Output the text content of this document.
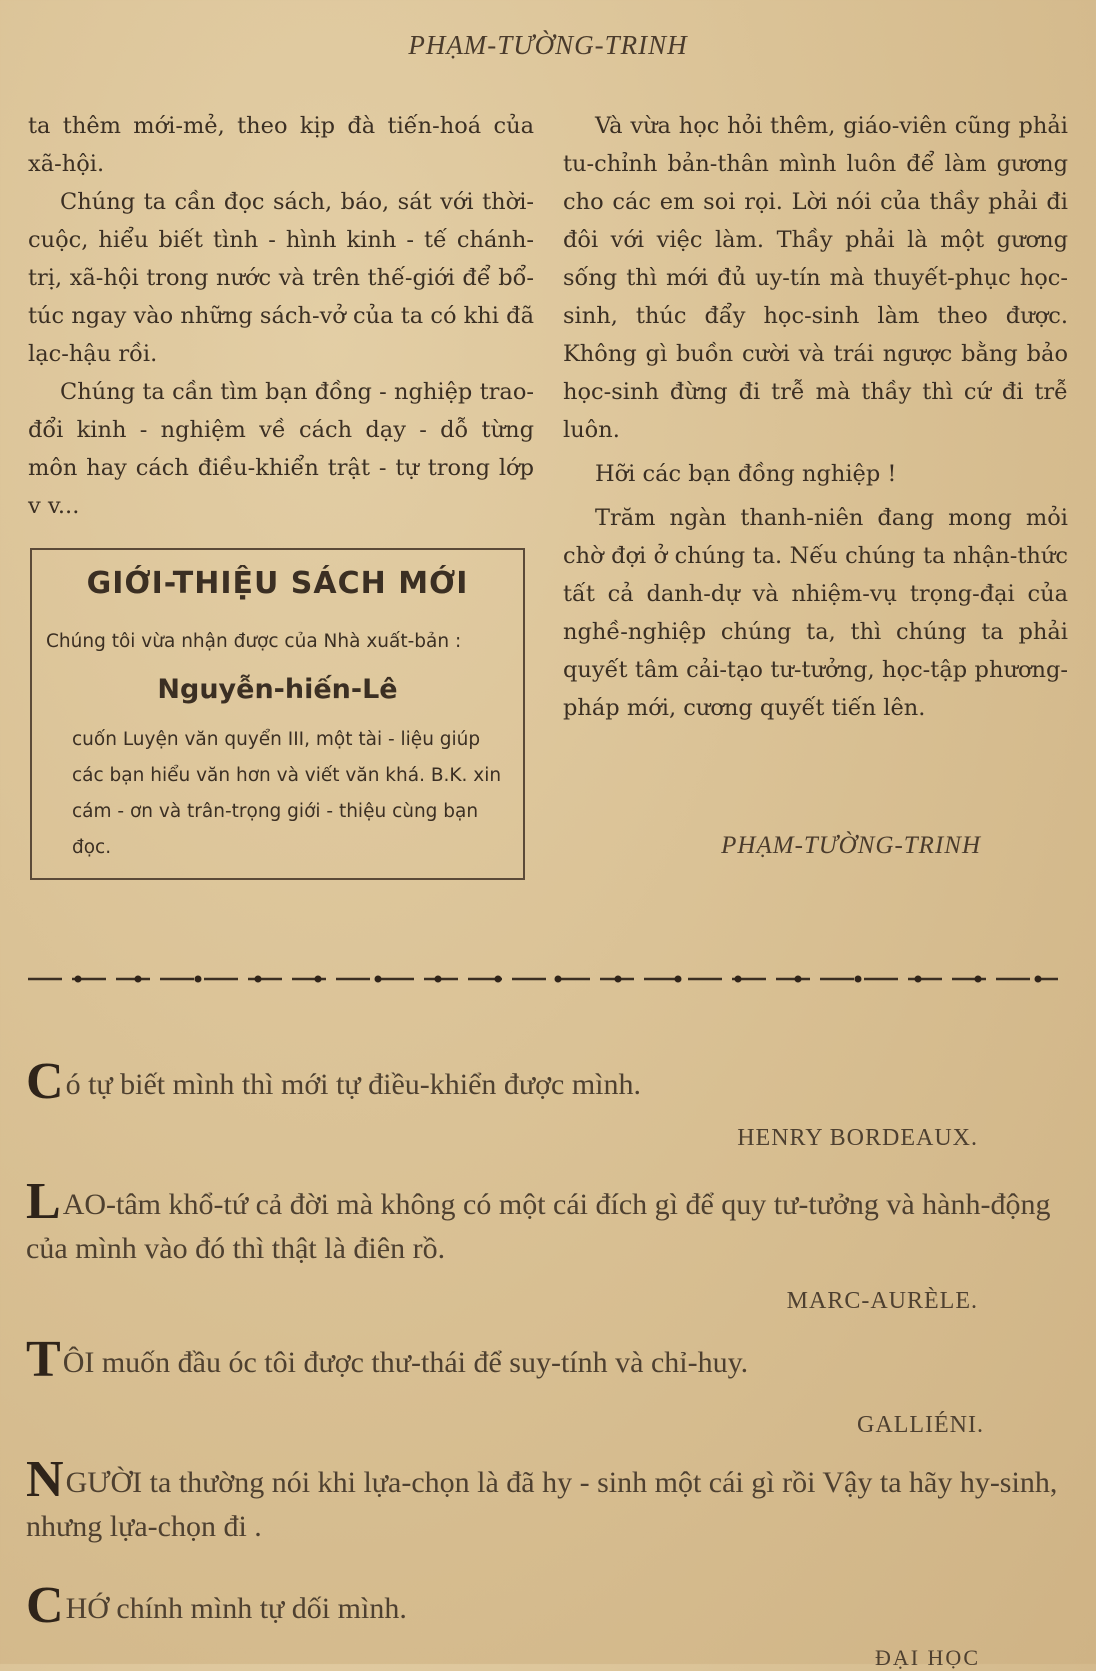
PHẠM-TƯỜNG-TRINH

ta thêm mới-mẻ, theo kịp đà tiến-hoá của xã-hội.

Chúng ta cần đọc sách, báo, sát với thời-cuộc, hiểu biết tình - hình kinh - tế chánh-trị, xã-hội trong nước và trên thế-giới để bổ-túc ngay vào những sách-vở của ta có khi đã lạc-hậu rồi.

Chúng ta cần tìm bạn đồng - nghiệp trao-đổi kinh - nghiệm về cách dạy - dỗ từng môn hay cách điều-khiển trật - tự trong lớp v v...

GIỚI-THIỆU SÁCH MỚI
Chúng tôi vừa nhận được của Nhà xuất-bản :
Nguyễn-hiến-Lê
cuốn Luyện văn quyển III, một tài - liệu giúp các bạn hiểu văn hơn và viết văn khá. B.K. xin cám - ơn và trân-trọng giới - thiệu cùng bạn đọc.

Và vừa học hỏi thêm, giáo-viên cũng phải tu-chỉnh bản-thân mình luôn để làm gương cho các em soi rọi. Lời nói của thầy phải đi đôi với việc làm. Thầy phải là một gương sống thì mới đủ uy-tín mà thuyết-phục học-sinh, thúc đẩy học-sinh làm theo được. Không gì buồn cười và trái ngược bằng bảo học-sinh đừng đi trễ mà thầy thì cứ đi trễ luôn.

Hỡi các bạn đồng nghiệp !

Trăm ngàn thanh-niên đang mong mỏi chờ đợi ở chúng ta. Nếu chúng ta nhận-thức tất cả danh-dự và nhiệm-vụ trọng-đại của nghề-nghiệp chúng ta, thì chúng ta phải quyết tâm cải-tạo tư-tưởng, học-tập phương-pháp mới, cương quyết tiến lên.

PHẠM-TƯỜNG-TRINH
Có tự biết mình thì mới tự điều-khiển được mình.
HENRY BORDEAUX.
LAO-tâm khổ-tứ cả đời mà không có một cái đích gì để quy tư-tưởng và hành-động của mình vào đó thì thật là điên rồ.
MARC-AURÈLE.
TÔI muốn đầu óc tôi được thư-thái để suy-tính và chỉ-huy.
GALLIÉNI.
NGƯỜI ta thường nói khi lựa-chọn là đã hy - sinh một cái gì rồi Vậy ta hãy hy-sinh, nhưng lựa-chọn đi .
CHỚ chính mình tự dối mình.
ĐẠI HỌC
